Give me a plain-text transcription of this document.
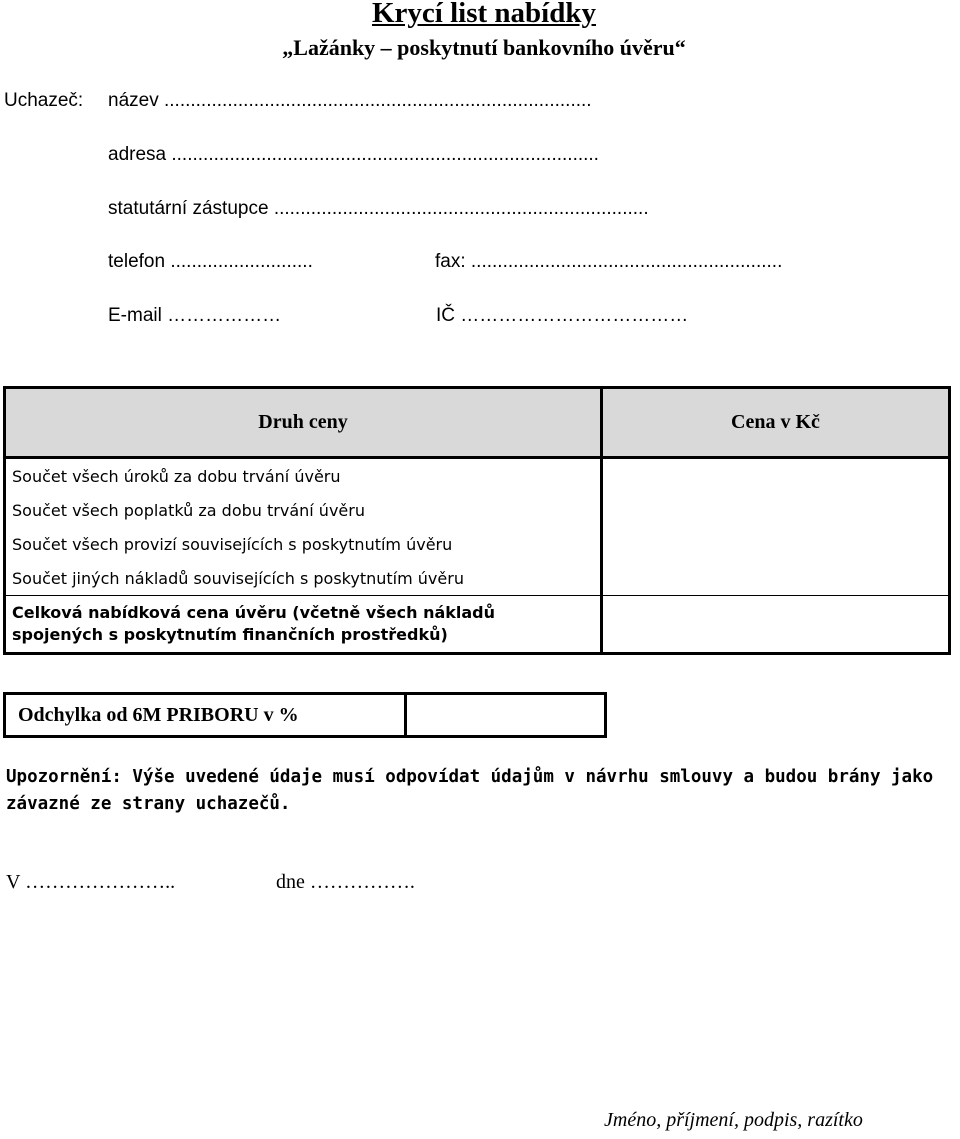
Krycí list nabídky
„Lažánky – poskytnutí bankovního úvěru“
Uchazeč: název .................................................................................
adresa .................................................................................
statutární zástupce .......................................................................
telefon ...........................	fax: ...........................................................
E-mail ………………	IČ ………………………………
Druh ceny	Cena v Kč
Součet všech úroků za dobu trvání úvěru	
Součet všech poplatků za dobu trvání úvěru	
Součet všech provizí souvisejících s poskytnutím úvěru	
Součet jiných nákladů souvisejících s poskytnutím úvěru	
Celková nabídková cena úvěru (včetně všech nákladů
spojených s poskytnutím finančních prostředků)	
Odchylka od 6M PRIBORU v %
Upozornění: Výše uvedené údaje musí odpovídat údajům v návrhu smlouvy a budou brány jako závazné ze strany uchazečů.
V …………………..	dne …………….
Jméno, příjmení, podpis, razítko
